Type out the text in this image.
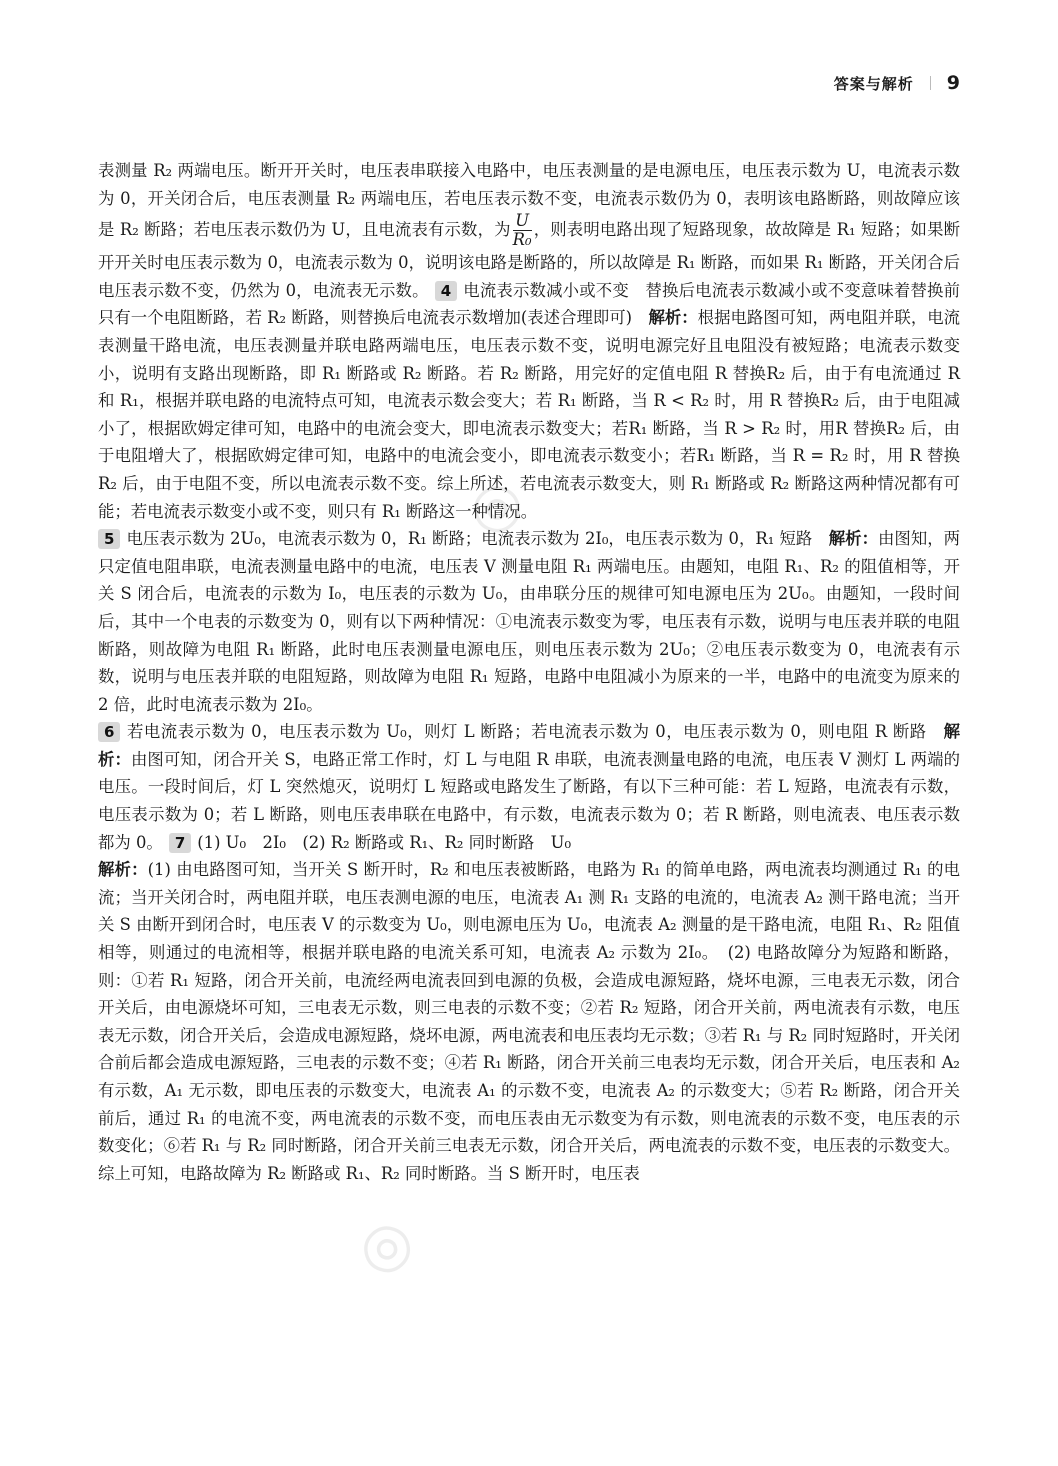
答案与解析 9
◎
◎

表测量 R₂ 两端电压。断开开关时，电压表串联接入电路中，电压表测量的是电源电压，电压表示数为 U，电流表示数为 0，开关闭合后，电压表测量 R₂ 两端电压，若电压表示数不变，电流表示数仍为 0，表明该电路断路，则故障应该是 R₂ 断路；若电压表示数仍为 U，且电流表有示数，为 $\frac{U}{\text{R₀}}$ ，则表明电路出现了短路现象，故故障是 R₁ 短路；如果断开开关时电压表示数为 0，电流表示数为 0，说明该电路是断路的，所以故障是 R₁ 断路，而如果 R₁ 断路，开关闭合后电压表示数不变，仍然为 0，电流表无示数。 4 电流表示数减小或不变　替换后电流表示数减小或不变意味着替换前只有一个电阻断路，若 R₂ 断路，则替换后电流表示数增加(表述合理即可)　 解析：根据电路图可知，两电阻并联，电流表测量干路电流，电压表测量并联电路两端电压，电压表示数不变，说明电源完好且电阻没有被短路；电流表示数变小，说明有支路出现断路，即 R₁ 断路或 R₂ 断路。若 R₂ 断路，用完好的定值电阻 R 替换R₂ 后，由于有电流通过 R 和 R₁，根据并联电路的电流特点可知，电流表示数会变大；若 R₁ 断路，当 R < R₂ 时，用 R 替换R₂ 后，由于电阻减小了，根据欧姆定律可知，电路中的电流会变大，即电流表示数变大；若R₁ 断路，当 R > R₂ 时，用R 替换R₂ 后，由于电阻增大了，根据欧姆定律可知，电路中的电流会变小，即电流表示数变小；若R₁ 断路，当 R = R₂ 时，用 R 替换R₂ 后，由于电阻不变，所以电流表示数不变。综上所述，若电流表示数变大，则 R₁ 断路或 R₂ 断路这两种情况都有可能；若电流表示数变小或不变，则只有 R₁ 断路这一种情况。

5 电压表示数为 2U₀，电流表示数为 0，R₁ 断路；电流表示数为 2I₀，电压表示数为 0，R₁ 短路　 解析：由图知，两只定值电阻串联，电流表测量电路中的电流，电压表 V 测量电阻 R₁ 两端电压。由题知，电阻 R₁、R₂ 的阻值相等，开关 S 闭合后，电流表的示数为 I₀，电压表的示数为 U₀，由串联分压的规律可知电源电压为 2U₀。由题知，一段时间后，其中一个电表的示数变为 0，则有以下两种情况：①电流表示数变为零，电压表有示数，说明与电压表并联的电阻断路，则故障为电阻 R₁ 断路，此时电压表测量电源电压，则电压表示数为 2U₀；②电压表示数变为 0，电流表有示数，说明与电压表并联的电阻短路，则故障为电阻 R₁ 短路，电路中电阻减小为原来的一半，电路中的电流变为原来的 2 倍，此时电流表示数为 2I₀。

6 若电流表示数为 0，电压表示数为 U₀，则灯 L 断路；若电流表示数为 0，电压表示数为 0，则电阻 R 断路　 解析：由图可知，闭合开关 S，电路正常工作时，灯 L 与电阻 R 串联，电流表测量电路的电流，电压表 V 测灯 L 两端的电压。一段时间后，灯 L 突然熄灭，说明灯 L 短路或电路发生了断路，有以下三种可能：若 L 短路，电流表有示数，电压表示数为 0；若 L 断路，则电压表串联在电路中，有示数，电流表示数为 0；若 R 断路，则电流表、电压表示数都为 0。 7 (1) U₀　2I₀　(2) R₂ 断路或 R₁、R₂ 同时断路　U₀

解析：(1) 由电路图可知，当开关 S 断开时，R₂ 和电压表被断路，电路为 R₁ 的简单电路，两电流表均测通过 R₁ 的电流；当开关闭合时，两电阻并联，电压表测电源的电压，电流表 A₁ 测 R₁ 支路的电流的，电流表 A₂ 测干路电流；当开关 S 由断开到闭合时，电压表 V 的示数变为 U₀，则电源电压为 U₀，电流表 A₂ 测量的是干路电流，电阻 R₁、R₂ 阻值相等，则通过的电流相等，根据并联电路的电流关系可知，电流表 A₂ 示数为 2I₀。　(2) 电路故障分为短路和断路，则：①若 R₁ 短路，闭合开关前，电流经两电流表回到电源的负极，会造成电源短路，烧坏电源，三电表无示数，闭合开关后，由电源烧坏可知，三电表无示数，则三电表的示数不变；②若 R₂ 短路，闭合开关前，两电流表有示数，电压表无示数，闭合开关后，会造成电源短路，烧坏电源，两电流表和电压表均无示数；③若 R₁ 与 R₂ 同时短路时，开关闭合前后都会造成电源短路，三电表的示数不变；④若 R₁ 断路，闭合开关前三电表均无示数，闭合开关后，电压表和 A₂ 有示数，A₁ 无示数，即电压表的示数变大，电流表 A₁ 的示数不变，电流表 A₂ 的示数变大；⑤若 R₂ 断路，闭合开关前后，通过 R₁ 的电流不变，两电流表的示数不变，而电压表由无示数变为有示数，则电流表的示数不变，电压表的示数变化；⑥若 R₁ 与 R₂ 同时断路，闭合开关前三电表无示数，闭合开关后，两电流表的示数不变，电压表的示数变大。综上可知，电路故障为 R₂ 断路或 R₁、R₂ 同时断路。当 S 断开时，电压表
